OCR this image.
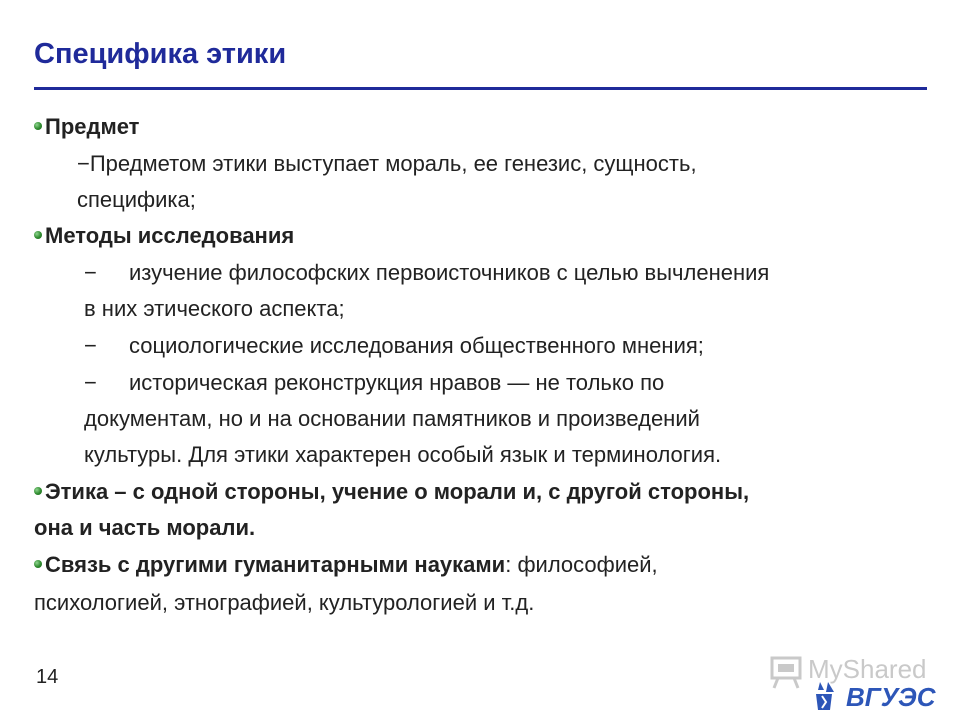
Специфика этики
Предмет
−Предметом этики выступает мораль, ее генезис, сущность,
специфика;
Методы исследования
− изучение философских первоисточников с целью вычленения
в них этического аспекта;
− социологические исследования общественного мнения;
− историческая реконструкция нравов — не только по
документам, но и на основании памятников и произведений
культуры. Для этики характерен особый язык и терминология.
Этика – с одной стороны, учение о морали и, с другой стороны,
она и часть морали.
Связь с другими гуманитарными науками: философией,
психологией, этнографией, культурологией и т.д.
14	MyShared
ВГУЭС
